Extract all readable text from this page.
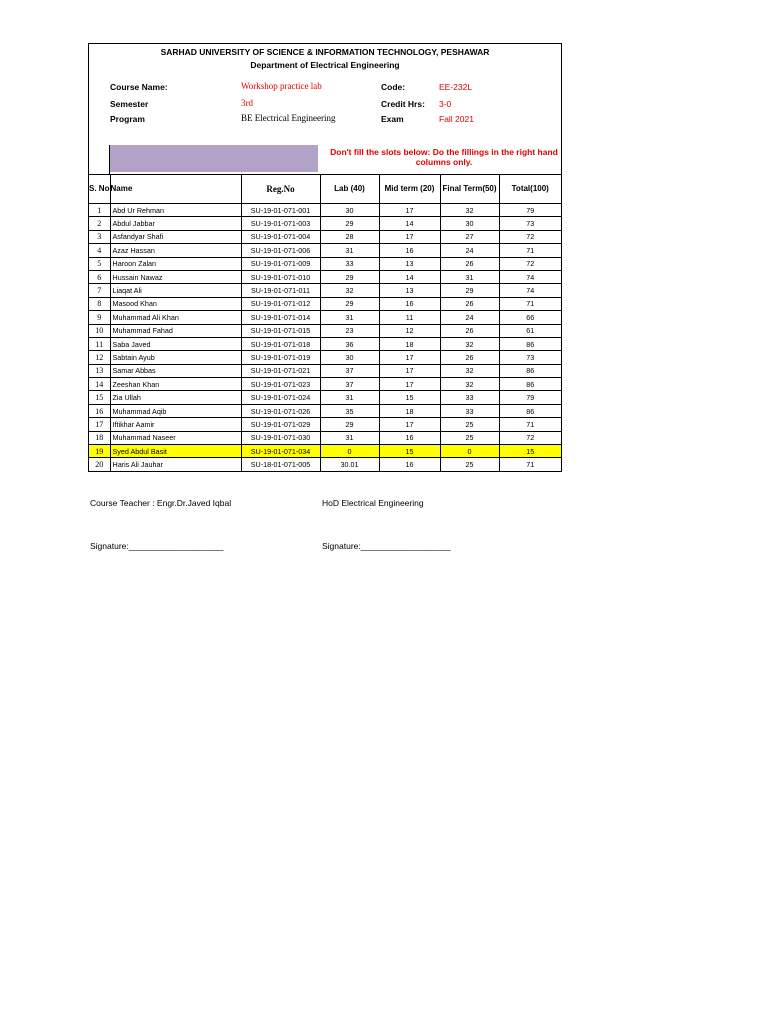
SARHAD UNIVERSITY OF SCIENCE & INFORMATION TECHNOLOGY, PESHAWAR
Department of Electrical Engineering
Course Name:	Workshop practice lab	Code:	EE-232L
Semester	3rd	Credit Hrs: 3-0
Program	BE Electrical Engineering	Exam	Fall 2021
Don't fill the slots below: Do the fillings in the right hand columns only.
S. No	Name	Reg.No	Lab (40)	Mid term (20)	Final Term(50)	Total(100)
1	Abd Ur Rehman	SU-19-01-071-001	30	17	32	79
2	Abdul Jabbar	SU-19-01-071-003	29	14	30	73
3	Asfandyar Shafi	SU-19-01-071-004	28	17	27	72
4	Azaz Hassan	SU-19-01-071-006	31	16	24	71
5	Haroon Zalan	SU-19-01-071-009	33	13	26	72
6	Hussain Nawaz	SU-19-01-071-010	29	14	31	74
7	Liaqat Ali	SU-19-01-071-011	32	13	29	74
8	Masood Khan	SU-19-01-071-012	29	16	26	71
9	Muhammad Ali Khan	SU-19-01-071-014	31	11	24	66
10	Muhammad Fahad	SU-19-01-071-015	23	12	26	61
11	Saba Javed	SU-19-01-071-018	36	18	32	86
12	Sabtain Ayub	SU-19-01-071-019	30	17	26	73
13	Samar Abbas	SU-19-01-071-021	37	17	32	86
14	Zeeshan Khan	SU-19-01-071-023	37	17	32	86
15	Zia Ullah	SU-19-01-071-024	31	15	33	79
16	Muhammad Aqib	SU-19-01-071-026	35	18	33	86
17	Iftikhar Aamir	SU-19-01-071-029	29	17	25	71
18	Muhammad Naseer	SU-19-01-071-030	31	16	25	72
19	Syed Abdul Basit	SU-19-01-071-034	0	15	0	15
20	Haris Ali Jauhar	SU-18-01-071-005	30.01	16	25	71
Course Teacher : Engr.Dr.Javed Iqbal	HoD Electrical Engineering
Signature:____________________	Signature:___________________
